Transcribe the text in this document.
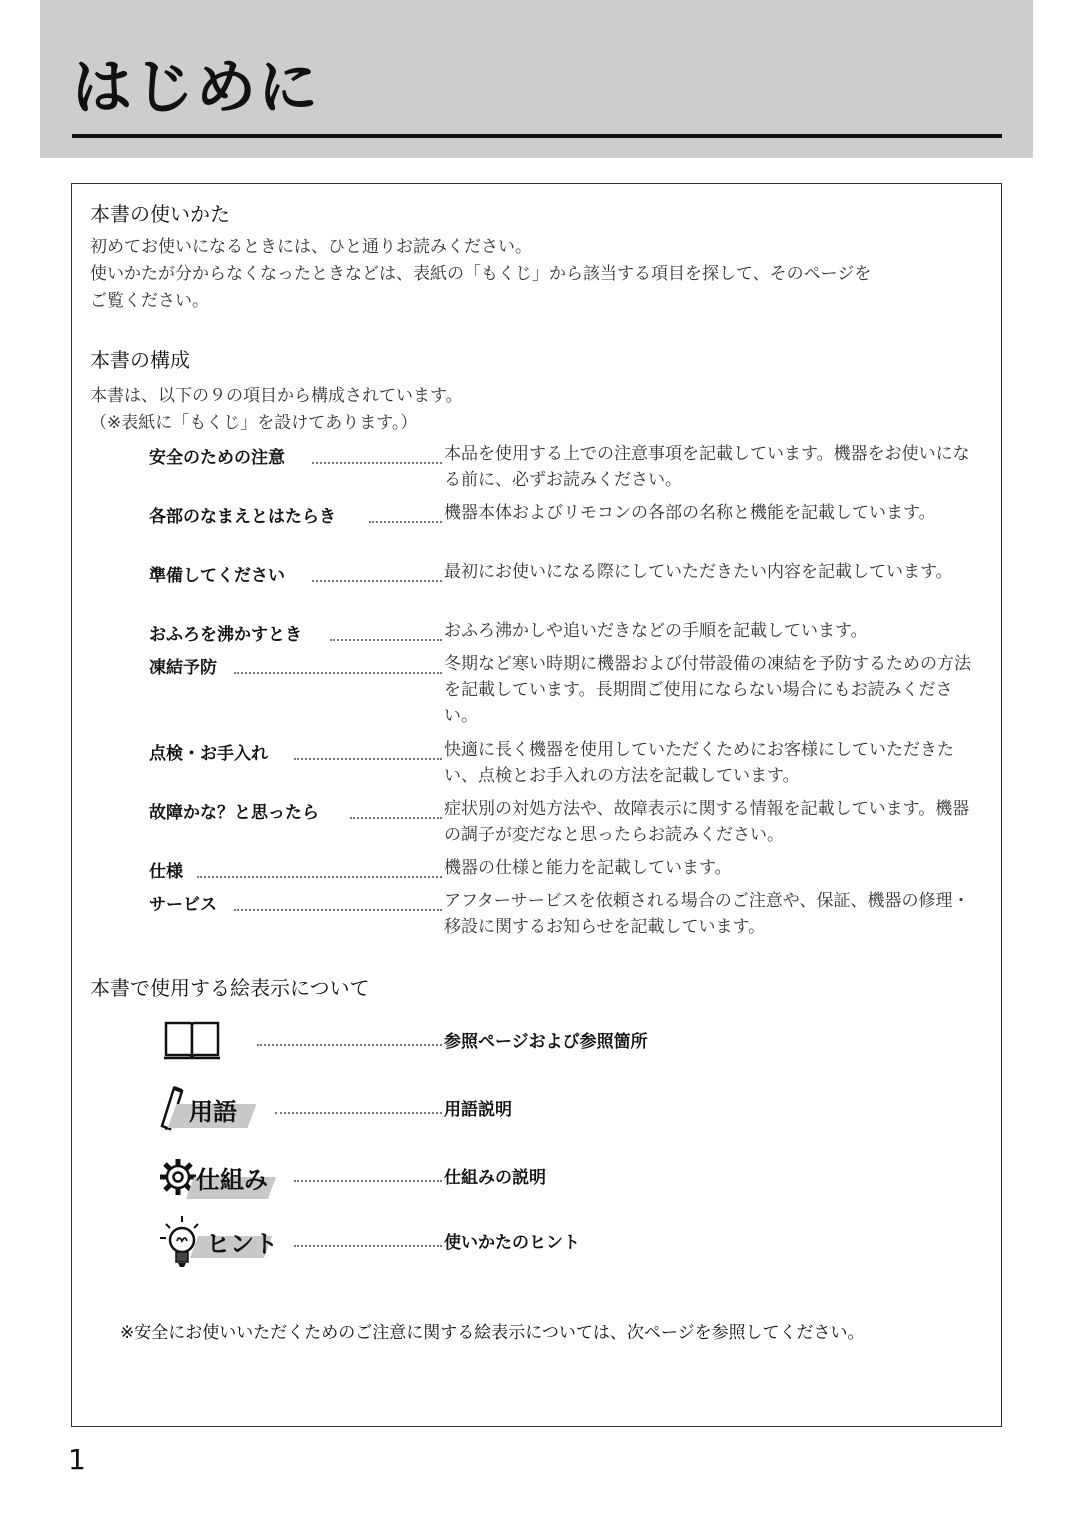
はじめに
本書の使いかた
初めてお使いになるときには、ひと通りお読みください。
使いかたが分からなくなったときなどは、表紙の「もくじ」から該当する項目を探して、そのページを
ご覧ください。
本書の構成
本書は、以下の９の項目から構成されています。
（※表紙に「もくじ」を設けてあります。）
安全のための注意	本品を使用する上での注意事項を記載しています。機器をお使いになる前に、必ずお読みください。
各部のなまえとはたらき	機器本体およびリモコンの各部の名称と機能を記載しています。
準備してください	最初にお使いになる際にしていただきたい内容を記載しています。
おふろを沸かすとき	おふろ沸かしや追いだきなどの手順を記載しています。
凍結予防	冬期など寒い時期に機器および付帯設備の凍結を予防するための方法を記載しています。長期間ご使用にならない場合にもお読みください。
点検・お手入れ	快適に長く機器を使用していただくためにお客様にしていただきたい、点検とお手入れの方法を記載しています。
故障かな？と思ったら	症状別の対処方法や、故障表示に関する情報を記載しています。機器の調子が変だなと思ったらお読みください。
仕様	機器の仕様と能力を記載しています。
サービス	アフターサービスを依頼される場合のご注意や、保証、機器の修理・移設に関するお知らせを記載しています。
本書で使用する絵表示について
参照ページおよび参照箇所
用語	用語説明
仕組み	仕組みの説明
ヒント	使いかたのヒント
※安全にお使いいただくためのご注意に関する絵表示については、次ページを参照してください。
1
